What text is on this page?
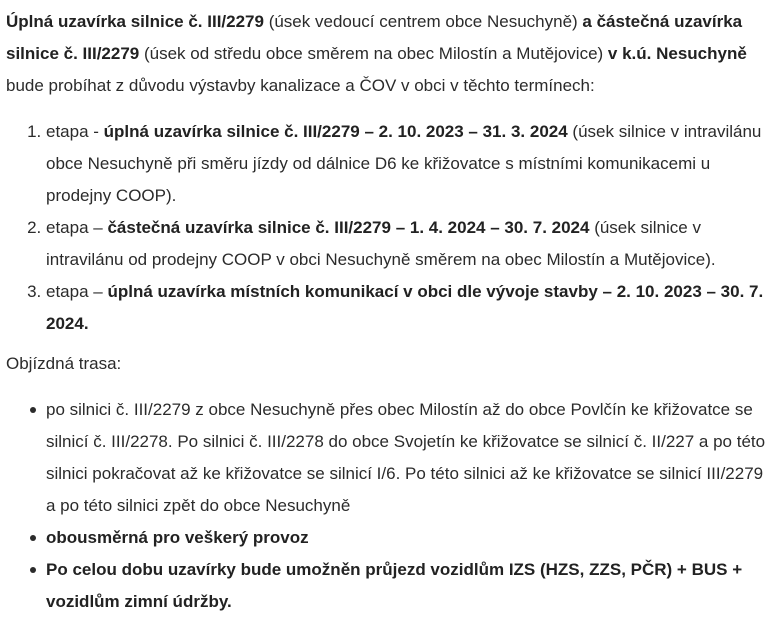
Úplná uzavírka silnice č. III/2279 (úsek vedoucí centrem obce Nesuchyně) a částečná uzavírka silnice č. III/2279 (úsek od středu obce směrem na obec Milostín a Mutějovice) v k.ú. Nesuchyně bude probíhat z důvodu výstavby kanalizace a ČOV v obci v těchto termínech:

1. etapa - úplná uzavírka silnice č. III/2279 – 2. 10. 2023 – 31. 3. 2024 (úsek silnice v intravilánu obce Nesuchyně při směru jízdy od dálnice D6 ke křižovatce s místními komunikacemi u prodejny COOP).
2. etapa – částečná uzavírka silnice č. III/2279 – 1. 4. 2024 – 30. 7. 2024 (úsek silnice v intravilánu od prodejny COOP v obci Nesuchyně směrem na obec Milostín a Mutějovice).
3. etapa – úplná uzavírka místních komunikací v obci dle vývoje stavby – 2. 10. 2023 – 30. 7. 2024.

Objízdná trasa:

po silnici č. III/2279 z obce Nesuchyně přes obec Milostín až do obce Povlčín ke křižovatce se silnicí č. III/2278. Po silnici č. III/2278 do obce Svojetín ke křižovatce se silnicí č. II/227 a po této silnici pokračovat až ke křižovatce se silnicí I/6. Po této silnici až ke křižovatce se silnicí III/2279 a po této silnici zpět do obce Nesuchyně
obousměrná pro veškerý provoz
Po celou dobu uzavírky bude umožněn průjezd vozidlům IZS (HZS, ZZS, PČR) + BUS + vozidlům zimní údržby.
